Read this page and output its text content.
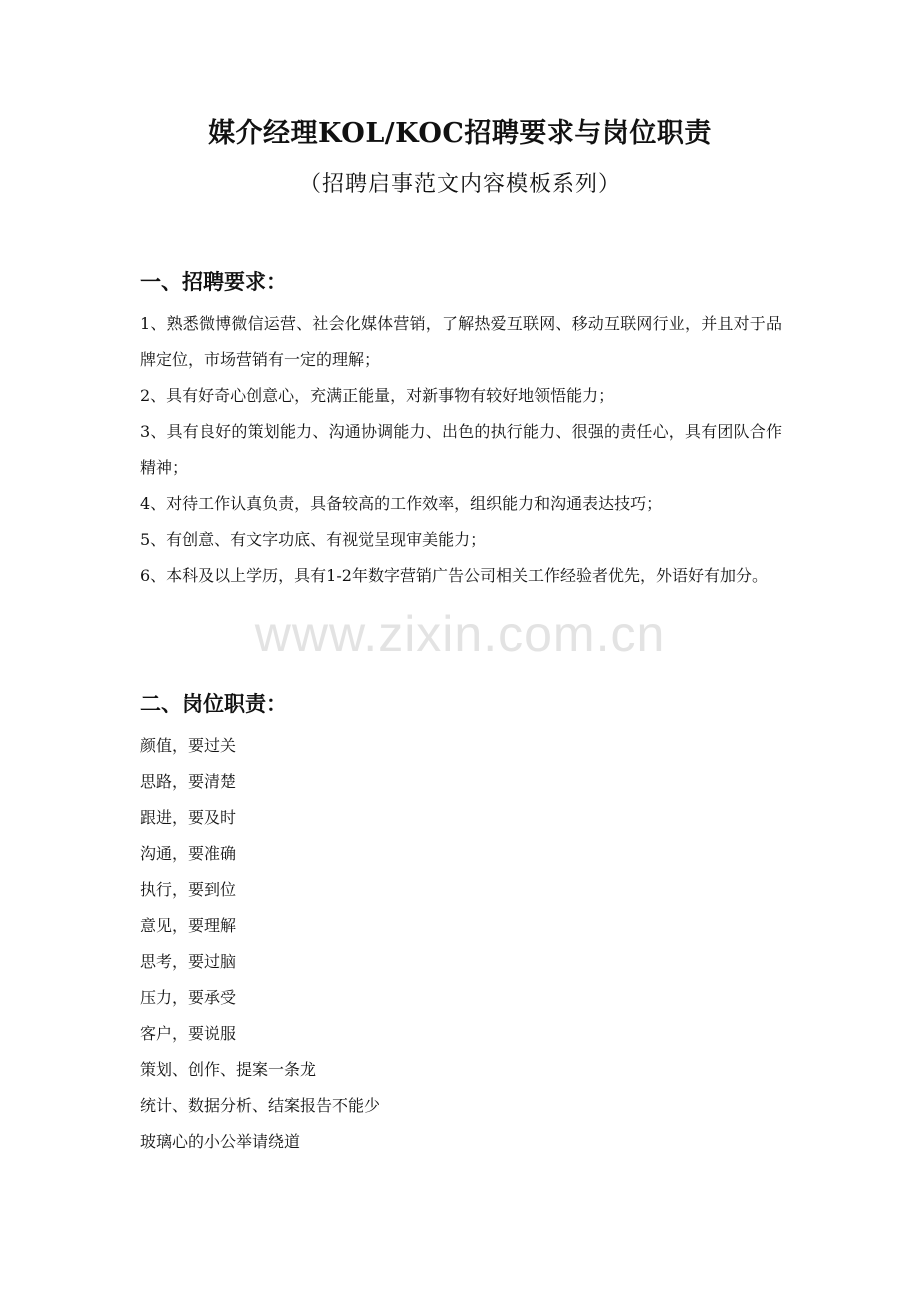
媒介经理KOL/KOC招聘要求与岗位职责
（招聘启事范文内容模板系列）
一、招聘要求：

1、熟悉微博微信运营、社会化媒体营销，了解热爱互联网、移动互联网行业，并且对于品牌定位，市场营销有一定的理解；

2、具有好奇心创意心，充满正能量，对新事物有较好地领悟能力；

3、具有良好的策划能力、沟通协调能力、出色的执行能力、很强的责任心，具有团队合作精神；

4、对待工作认真负责，具备较高的工作效率，组织能力和沟通表达技巧；

5、有创意、有文字功底、有视觉呈现审美能力；

6、本科及以上学历，具有1-2年数字营销广告公司相关工作经验者优先，外语好有加分。

www.zixin.com.cn
二、岗位职责：
颜值，要过关
思路，要清楚
跟进，要及时
沟通，要准确
执行，要到位
意见，要理解
思考，要过脑
压力，要承受
客户，要说服
策划、创作、提案一条龙
统计、数据分析、结案报告不能少
玻璃心的小公举请绕道
